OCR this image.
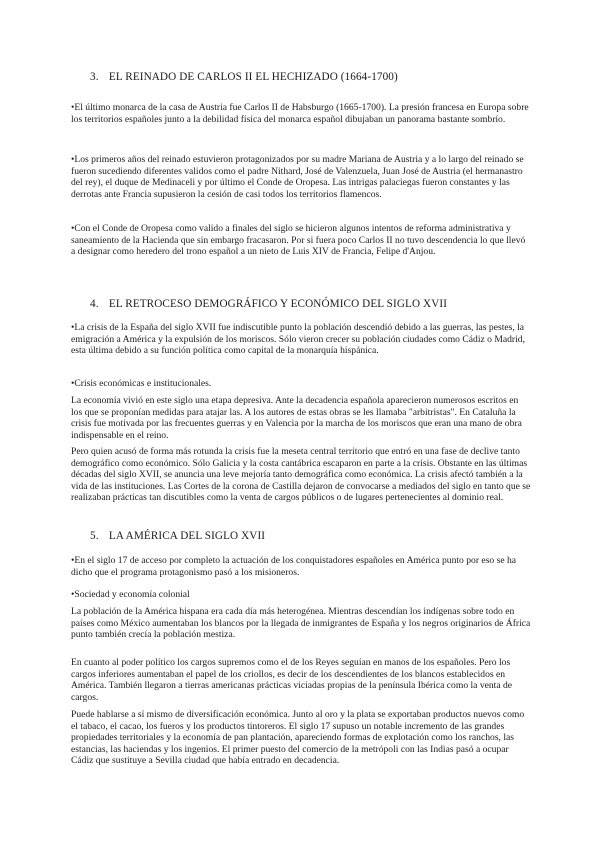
3. EL REINADO DE CARLOS II EL HECHIZADO (1664-1700)

•El último monarca de la casa de Austria fue Carlos II de Habsburgo (1665-1700). La presión francesa en Europa sobre los territorios españoles junto a la debilidad física del monarca español dibujaban un panorama bastante sombrío.

•Los primeros años del reinado estuvieron protagonizados por su madre Mariana de Austria y a lo largo del reinado se fueron sucediendo diferentes validos como el padre Nithard, José de Valenzuela, Juan José de Austria (el hermanastro del rey), el duque de Medinaceli y por último el Conde de Oropesa. Las intrigas palaciegas fueron constantes y las derrotas ante Francia supusieron la cesión de casi todos los territorios flamencos.

•Con el Conde de Oropesa como valido a finales del siglo se hicieron algunos intentos de reforma administrativa y saneamiento de la Hacienda que sin embargo fracasaron. Por si fuera poco Carlos II no tuvo descendencia lo que llevó a designar como heredero del trono español a un nieto de Luis XIV de Francia, Felipe d'Anjou.

4. EL RETROCESO DEMOGRÁFICO Y ECONÓMICO DEL SIGLO XVII

•La crisis de la España del siglo XVII fue indiscutible punto la población descendió debido a las guerras, las pestes, la emigración a América y la expulsión de los moriscos. Sólo vieron crecer su población ciudades como Cádiz o Madrid, esta última debido a su función política como capital de la monarquía hispánica.

•Crisis económicas e institucionales.

La economía vivió en este siglo una etapa depresiva. Ante la decadencia española aparecieron numerosos escritos en los que se proponían medidas para atajar las. A los autores de estas obras se les llamaba "arbitristas". En Cataluña la crisis fue motivada por las frecuentes guerras y en Valencia por la marcha de los moriscos que eran una mano de obra indispensable en el reino.

Pero quien acusó de forma más rotunda la crisis fue la meseta central territorio que entró en una fase de declive tanto demográfico como económico. Sólo Galicia y la costa cantábrica escaparon en parte a la crisis. Obstante en las últimas décadas del siglo XVII, se anuncia una leve mejoría tanto demográfica como económica. La crisis afectó también a la vida de las instituciones. Las Cortes de la corona de Castilla dejaron de convocarse a mediados del siglo en tanto que se realizaban prácticas tan discutibles como la venta de cargos públicos o de lugares pertenecientes al dominio real.

5. LA AMÉRICA DEL SIGLO XVII

•En el siglo 17 de acceso por completo la actuación de los conquistadores españoles en América punto por eso se ha dicho que el programa protagonismo pasó a los misioneros.

•Sociedad y economía colonial

La población de la América hispana era cada día más heterogénea. Mientras descendían los indígenas sobre todo en países como México aumentaban los blancos por la llegada de inmigrantes de España y los negros originarios de África punto también crecía la población mestiza.

En cuanto al poder político los cargos supremos como el de los Reyes seguían en manos de los españoles. Pero los cargos inferiores aumentaban el papel de los criollos, es decir de los descendientes de los blancos establecidos en América. También llegaron a tierras americanas prácticas viciadas propias de la península Ibérica como la venta de cargos.

Puede hablarse a sí mismo de diversificación económica. Junto al oro y la plata se exportaban productos nuevos como el tabaco, el cacao, los fueros y los productos tintoreros. El siglo 17 supuso un notable incremento de las grandes propiedades territoriales y la economía de pan plantación, apareciendo formas de explotación como los ranchos, las estancias, las haciendas y los ingenios. El primer puesto del comercio de la metrópoli con las Indias pasó a ocupar Cádiz que sustituye a Sevilla ciudad que había entrado en decadencia.
